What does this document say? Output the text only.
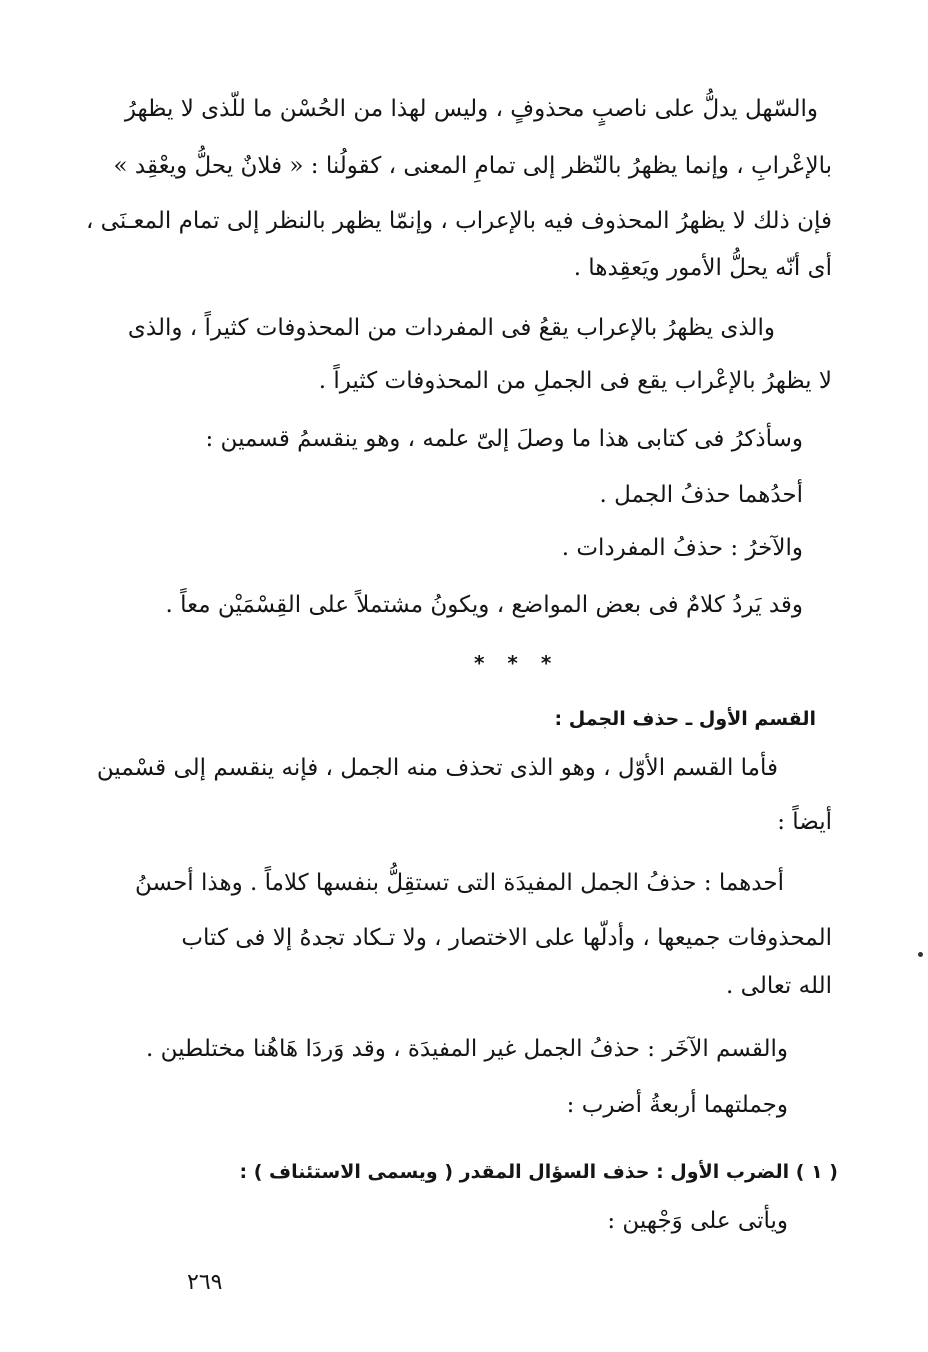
والسّهل يدلُّ على ناصبٍ محذوفٍ ، وليس لهذا من الحُسْن ما للّذى لا يظهرُ
بالإعْرابِ ، وإنما يظهرُ بالنّظر إلى تمامِ المعنى ، كقولُنا : « فلانٌ يحلُّ ويعْقِد »
فإن ذلك لا يظهرُ المحذوف فيه بالإعراب ، وإنمّا يظهر بالنظر إلى تمام المعـنَى ،
أى أنّه يحلُّ الأمور ويَعقِدها .
والذى يظهرُ بالإعراب يقعُ فى المفردات من المحذوفات كثيراً ، والذى
لا يظهرُ بالإعْراب يقع فى الجملِ من المحذوفات كثيراً .
وسأذكرُ فى كتابى هذا ما وصلَ إلىّ علمه ، وهو ينقسمُ قسمين :
أحدُهما حذفُ الجمل .
والآخرُ : حذفُ المفردات .
وقد يَردُ كلامٌ فى بعض المواضع ، ويكونُ مشتملاً على القِسْمَيْن معاً .
* * *
القسم الأول ـ حذف الجمل :
فأما القسم الأوّل ، وهو الذى تحذف منه الجمل ، فإنه ينقسم إلى قسْمين
أيضاً :
أحدهما : حذفُ الجمل المفيدَة التى تستقِلُّ بنفسها كلاماً . وهذا أحسنُ
المحذوفات جميعها ، وأدلّها على الاختصار ، ولا تـكاد تجدهُ إلا فى كتاب
الله تعالى .
والقسم الآخَر : حذفُ الجمل غير المفيدَة ، وقد وَردَا هَاهُنا مختلطين .
وجملتهما أربعةُ أضرب :
( ١ ) الضرب الأول : حذف السؤال المقدر ( ويسمى الاستئناف ) :
ويأتى على وَجْهين :
٢٦٩
